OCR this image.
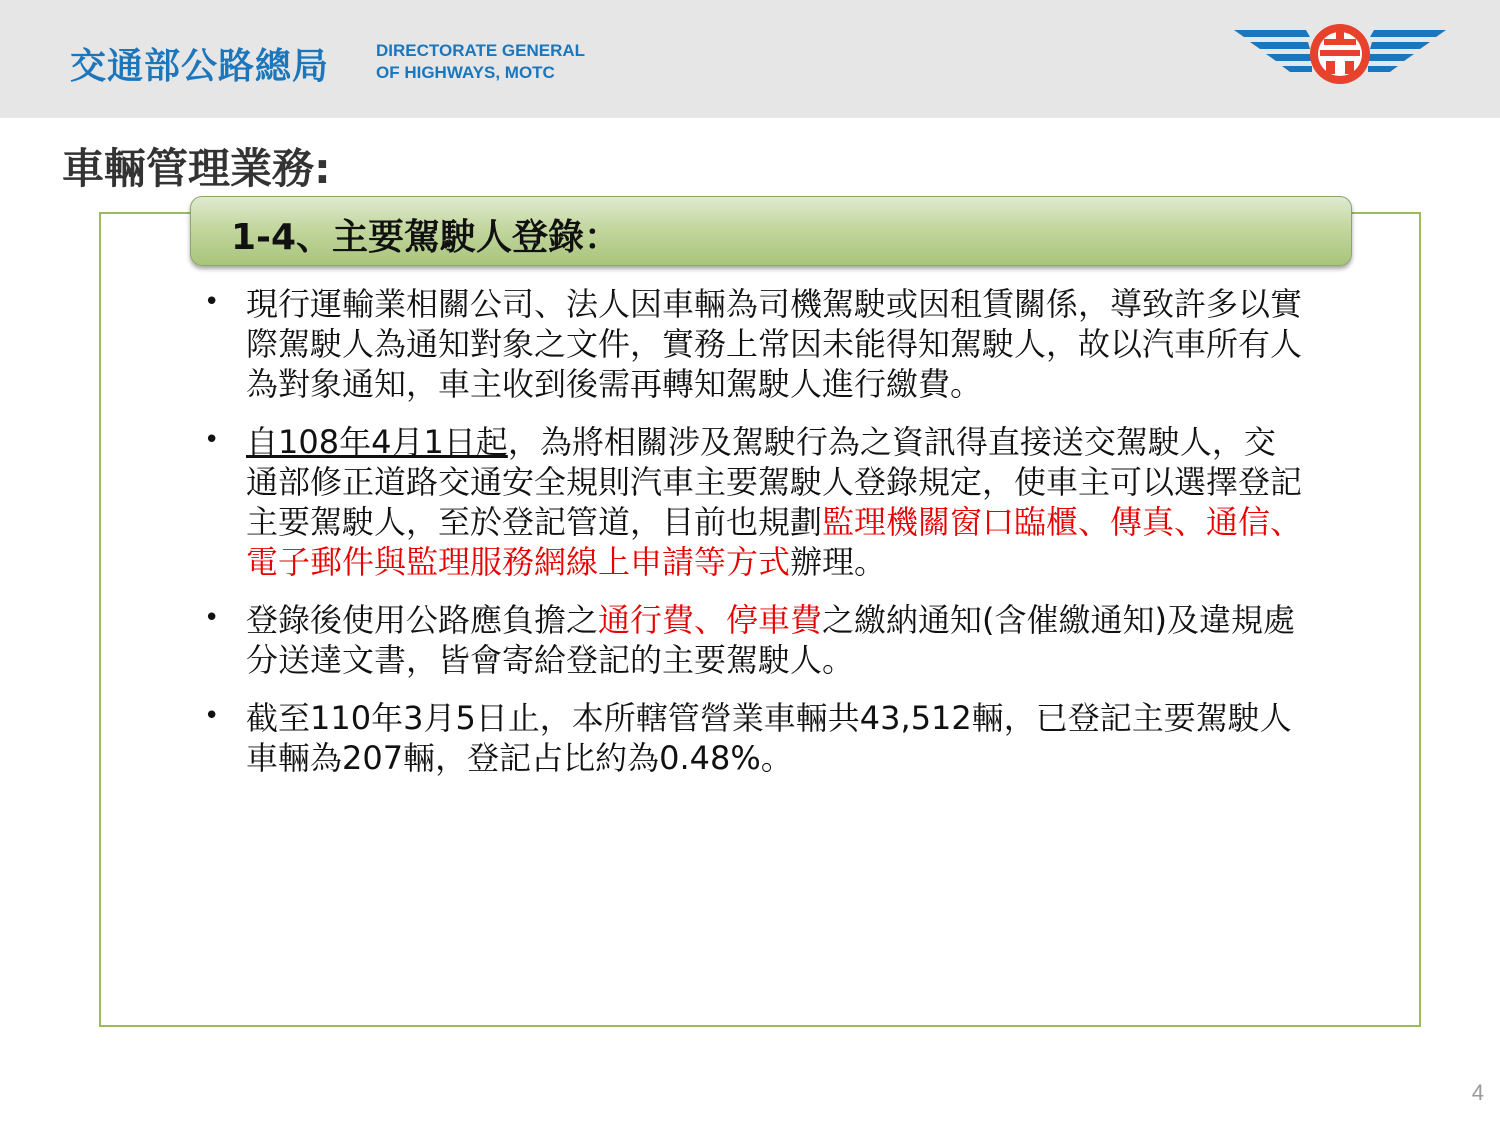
交通部公路總局	DIRECTORATE GENERAL
OF HIGHWAYS, MOTC
車輛管理業務:
1-4、主要駕駛人登錄：
• 現行運輸業相關公司、法人因車輛為司機駕駛或因租賃關係，導致許多以實際駕駛人為通知對象之文件，實務上常因未能得知駕駛人，故以汽車所有人為對象通知，車主收到後需再轉知駕駛人進行繳費。
• 自108年4月1日起，為將相關涉及駕駛行為之資訊得直接送交駕駛人，交通部修正道路交通安全規則汽車主要駕駛人登錄規定，使車主可以選擇登記主要駕駛人，至於登記管道，目前也規劃監理機關窗口臨櫃、傳真、通信、電子郵件與監理服務網線上申請等方式辦理。
• 登錄後使用公路應負擔之通行費、停車費之繳納通知(含催繳通知)及違規處分送達文書，皆會寄給登記的主要駕駛人。
• 截至110年3月5日止，本所轄管營業車輛共43,512輛，已登記主要駕駛人車輛為207輛，登記占比約為0.48%。
4
